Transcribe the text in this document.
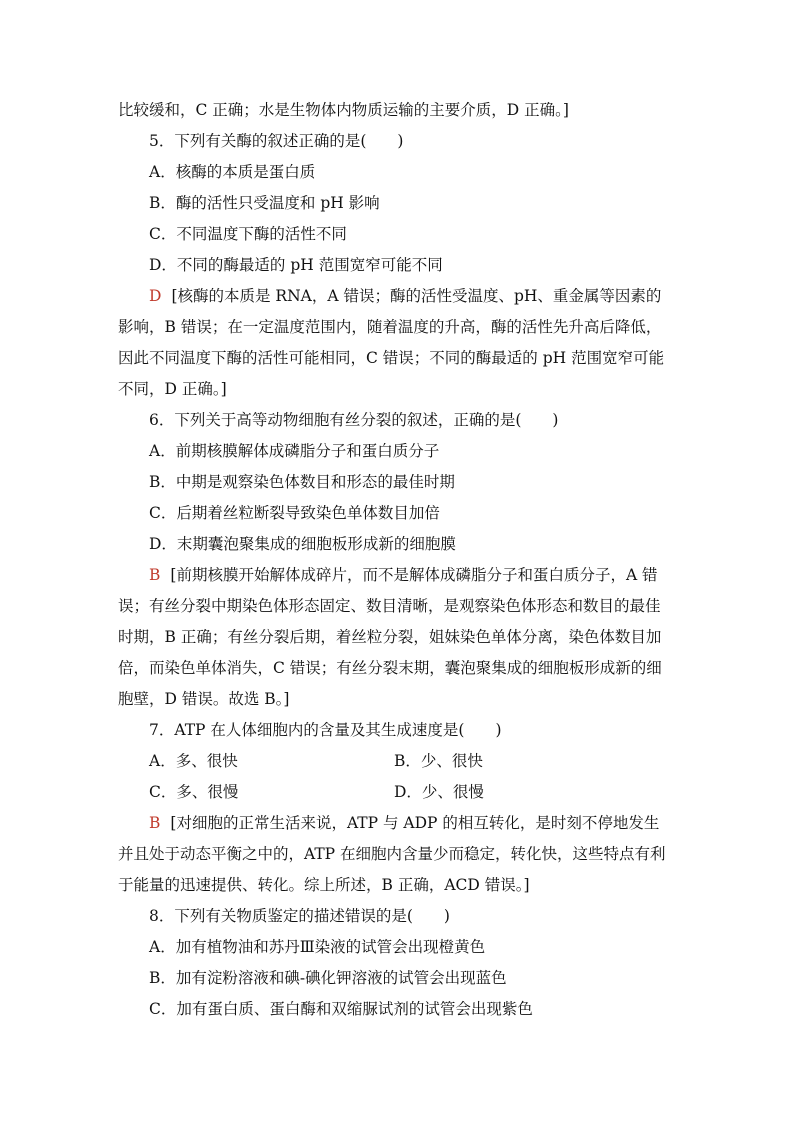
比较缓和，C 正确；水是生物体内物质运输的主要介质，D 正确。]
5．下列有关酶的叙述正确的是(　　)
A．核酶的本质是蛋白质
B．酶的活性只受温度和 pH 影响
C．不同温度下酶的活性不同
D．不同的酶最适的 pH 范围宽窄可能不同
D [核酶的本质是 RNA，A 错误；酶的活性受温度、pH、重金属等因素的
影响，B 错误；在一定温度范围内，随着温度的升高，酶的活性先升高后降低，
因此不同温度下酶的活性可能相同，C 错误；不同的酶最适的 pH 范围宽窄可能
不同，D 正确。]
6．下列关于高等动物细胞有丝分裂的叙述，正确的是(　　)
A．前期核膜解体成磷脂分子和蛋白质分子
B．中期是观察染色体数目和形态的最佳时期
C．后期着丝粒断裂导致染色单体数目加倍
D．末期囊泡聚集成的细胞板形成新的细胞膜
B [前期核膜开始解体成碎片，而不是解体成磷脂分子和蛋白质分子，A 错
误；有丝分裂中期染色体形态固定、数目清晰，是观察染色体形态和数目的最佳
时期，B 正确；有丝分裂后期，着丝粒分裂，姐妹染色单体分离，染色体数目加
倍，而染色单体消失，C 错误；有丝分裂末期，囊泡聚集成的细胞板形成新的细
胞壁，D 错误。故选 B。]
7．ATP 在人体细胞内的含量及其生成速度是(　　)
A．多、很快	B．少、很快
C．多、很慢	D．少、很慢
B [对细胞的正常生活来说，ATP 与 ADP 的相互转化，是时刻不停地发生
并且处于动态平衡之中的，ATP 在细胞内含量少而稳定，转化快，这些特点有利
于能量的迅速提供、转化。综上所述，B 正确，ACD 错误。]
8．下列有关物质鉴定的描述错误的是(　　)
A．加有植物油和苏丹Ⅲ染液的试管会出现橙黄色
B．加有淀粉溶液和碘-碘化钾溶液的试管会出现蓝色
C．加有蛋白质、蛋白酶和双缩脲试剂的试管会出现紫色
